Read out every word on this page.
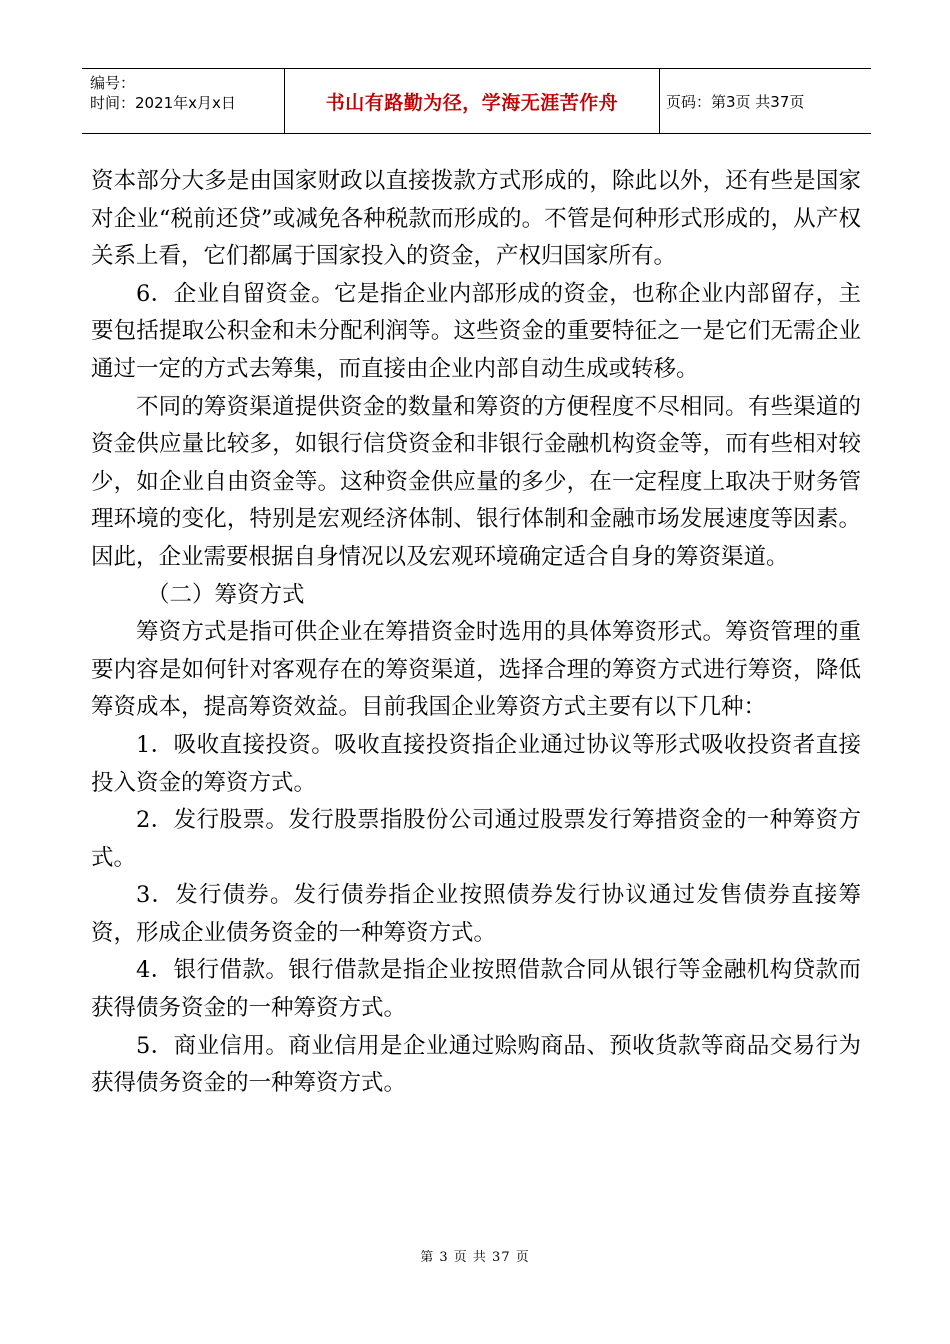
编号：
时间：2021年x月x日	书山有路勤为径，学海无涯苦作舟	页码：第3页 共37页

资本部分大多是由国家财政以直接拨款方式形成的，除此以外，还有些是国家对企业“税前还贷”或减免各种税款而形成的。不管是何种形式形成的，从产权关系上看，它们都属于国家投入的资金，产权归国家所有。

6．企业自留资金。它是指企业内部形成的资金，也称企业内部留存，主要包括提取公积金和未分配利润等。这些资金的重要特征之一是它们无需企业通过一定的方式去筹集，而直接由企业内部自动生成或转移。

不同的筹资渠道提供资金的数量和筹资的方便程度不尽相同。有些渠道的资金供应量比较多，如银行信贷资金和非银行金融机构资金等，而有些相对较少，如企业自由资金等。这种资金供应量的多少，在一定程度上取决于财务管理环境的变化，特别是宏观经济体制、银行体制和金融市场发展速度等因素。因此，企业需要根据自身情况以及宏观环境确定适合自身的筹资渠道。

（二）筹资方式

筹资方式是指可供企业在筹措资金时选用的具体筹资形式。筹资管理的重要内容是如何针对客观存在的筹资渠道，选择合理的筹资方式进行筹资，降低筹资成本，提高筹资效益。目前我国企业筹资方式主要有以下几种：

1．吸收直接投资。吸收直接投资指企业通过协议等形式吸收投资者直接投入资金的筹资方式。

2．发行股票。发行股票指股份公司通过股票发行筹措资金的一种筹资方式。

3．发行债券。发行债券指企业按照债券发行协议通过发售债券直接筹资，形成企业债务资金的一种筹资方式。

4．银行借款。银行借款是指企业按照借款合同从银行等金融机构贷款而获得债务资金的一种筹资方式。

5．商业信用。商业信用是企业通过赊购商品、预收货款等商品交易行为获得债务资金的一种筹资方式。

第 3 页 共 37 页
